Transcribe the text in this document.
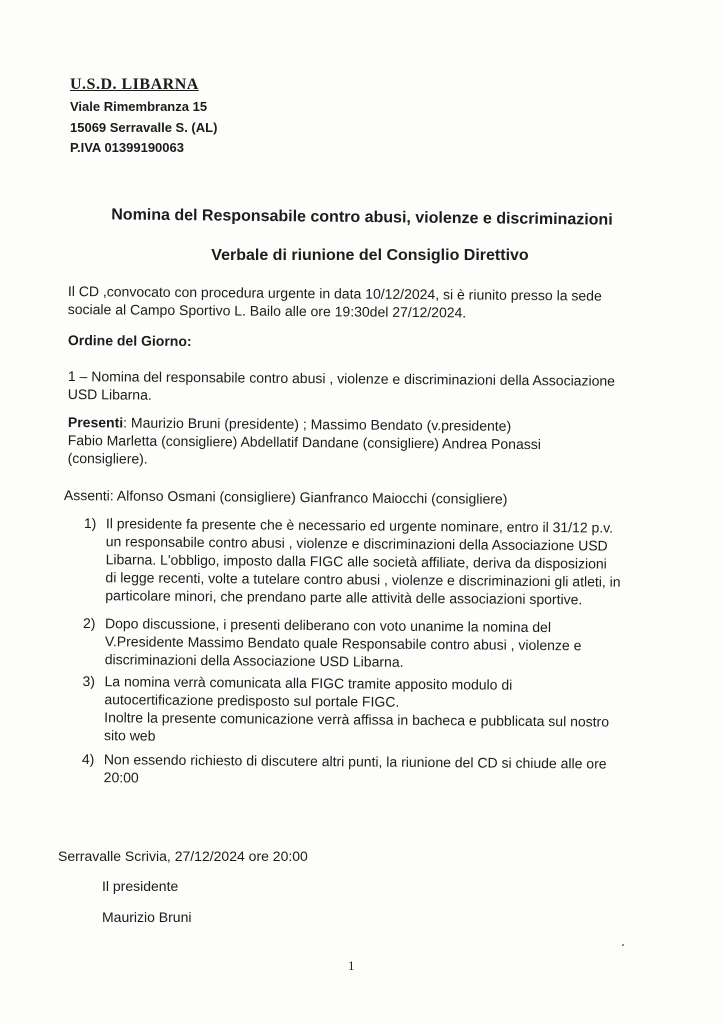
U.S.D. LIBARNA
Viale Rimembranza 15
15069 Serravalle S. (AL)
P.IVA 01399190063
Nomina del Responsabile contro abusi, violenze e discriminazioni
Verbale di riunione del Consiglio Direttivo
Il CD ,convocato con procedura urgente in data 10/12/2024, si è riunito presso la sede
sociale al Campo Sportivo L. Bailo alle ore 19:30del 27/12/2024.
Ordine del Giorno:
1 – Nomina del responsabile contro abusi , violenze e discriminazioni della Associazione
USD Libarna.
Presenti: Maurizio Bruni (presidente) ; Massimo Bendato (v.presidente)
Fabio Marletta (consigliere) Abdellatif Dandane (consigliere) Andrea Ponassi
(consigliere).
Assenti: Alfonso Osmani (consigliere) Gianfranco Maiocchi (consigliere)
1) Il presidente fa presente che è necessario ed urgente nominare, entro il 31/12 p.v.
un responsabile contro abusi , violenze e discriminazioni della Associazione USD
Libarna. L'obbligo, imposto dalla FIGC alle società affiliate, deriva da disposizioni
di legge recenti, volte a tutelare contro abusi , violenze e discriminazioni gli atleti, in
particolare minori, che prendano parte alle attività delle associazioni sportive.
2) Dopo discussione, i presenti deliberano con voto unanime la nomina del
V.Presidente Massimo Bendato quale Responsabile contro abusi , violenze e
discriminazioni della Associazione USD Libarna.
3) La nomina verrà comunicata alla FIGC tramite apposito modulo di
autocertificazione predisposto sul portale FIGC.
Inoltre la presente comunicazione verrà affissa in bacheca e pubblicata sul nostro
sito web
4) Non essendo richiesto di discutere altri punti, la riunione del CD si chiude alle ore
20:00
Serravalle Scrivia, 27/12/2024 ore 20:00
Il presidente
Maurizio Bruni
1
